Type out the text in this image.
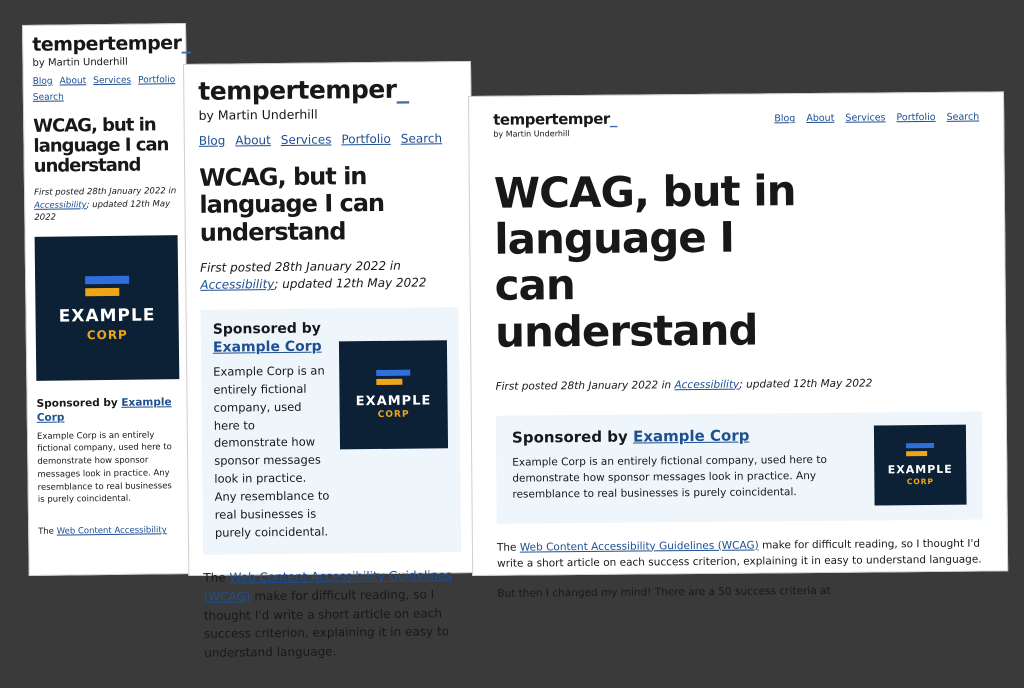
tempertemper_
by Martin Underhill
Blog About Services Portfolio
Search
WCAG, but in language I can understand
First posted 28th January 2022 in Accessibility; updated 12th May 2022
EXAMPLE
CORP
Sponsored by Example Corp

Example Corp is an entirely fictional company, used here to demonstrate how sponsor messages look in practice. Any resemblance to real businesses is purely coincidental.

The Web Content Accessibility

tempertemper_
by Martin Underhill
Blog About Services Portfolio Search
WCAG, but in language I can understand
First posted 28th January 2022 in Accessibility; updated 12th May 2022
Sponsored by
Example Corp

Example Corp is an entirely fictional company, used here to demonstrate how sponsor messages look in practice. Any resemblance to real businesses is purely coincidental.

EXAMPLE
CORP

The Web Content Accessibility Guidelines (WCAG) make for difficult reading, so I thought I'd write a short article on each success criterion, explaining it in easy to understand language.

tempertemper_
by Martin Underhill
Blog About Services Portfolio Search
WCAG, but in language I can understand
First posted 28th January 2022 in Accessibility; updated 12th May 2022
Sponsored by Example Corp

Example Corp is an entirely fictional company, used here to demonstrate how sponsor messages look in practice. Any resemblance to real businesses is purely coincidental.

EXAMPLE
CORP

The Web Content Accessibility Guidelines (WCAG) make for difficult reading, so I thought I'd write a short article on each success criterion, explaining it in easy to understand language.

But then I changed my mind! There are a 50 success criteria at
